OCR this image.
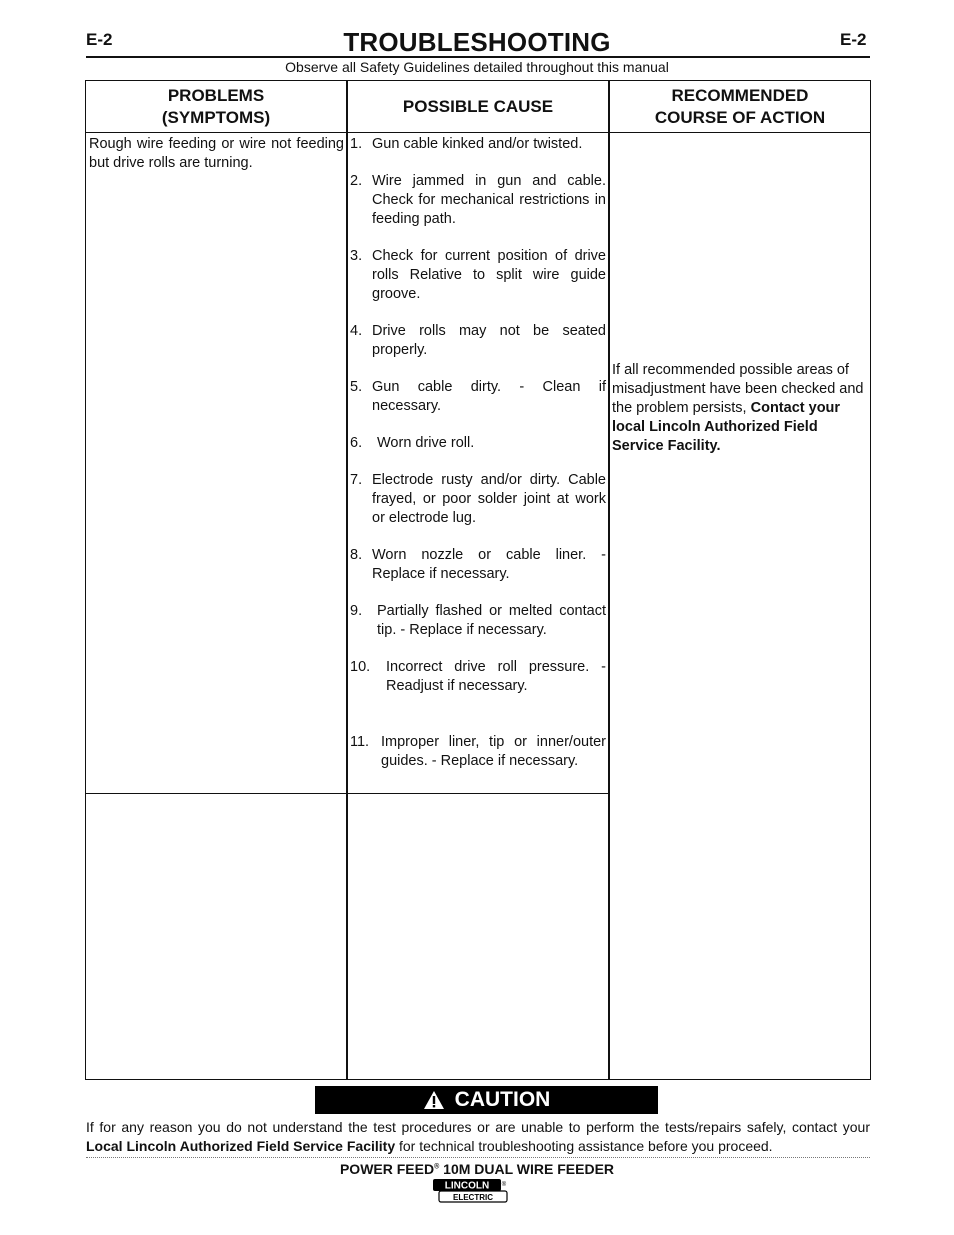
E-2	TROUBLESHOOTING	E-2
Observe all Safety Guidelines detailed throughout this manual
PROBLEMS
(SYMPTOMS)
POSSIBLE CAUSE
RECOMMENDED
COURSE OF ACTION
Rough wire feeding or wire not feeding but drive rolls are turning.
1. Gun cable kinked and/or twisted.
2. Wire jammed in gun and cable. Check for mechanical restrictions in feeding path.
3. Check for current position of drive rolls Relative to split wire guide groove.
4. Drive rolls may not be seated properly.
5. Gun cable dirty. - Clean if necessary.
6.	Worn drive roll.
7. Electrode rusty and/or dirty. Cable frayed, or poor solder joint at work or electrode lug.
8. Worn nozzle or cable liner. - Replace if necessary.
9.	Partially flashed or melted contact tip. - Replace if necessary.
10.	Incorrect drive roll pressure. - Readjust if necessary.
11. Improper liner, tip or inner/outer guides. - Replace if necessary.
If all recommended possible areas of misadjustment have been checked and the problem persists, Contact your local Lincoln Authorized Field Service Facility.
CAUTION
If for any reason you do not understand the test procedures or are unable to perform the tests/repairs safely, contact your Local Lincoln Authorized Field Service Facility for technical troubleshooting assistance before you proceed.
POWER FEED® 10M DUAL WIRE FEEDER
LINCOLN
ELECTRIC
®
